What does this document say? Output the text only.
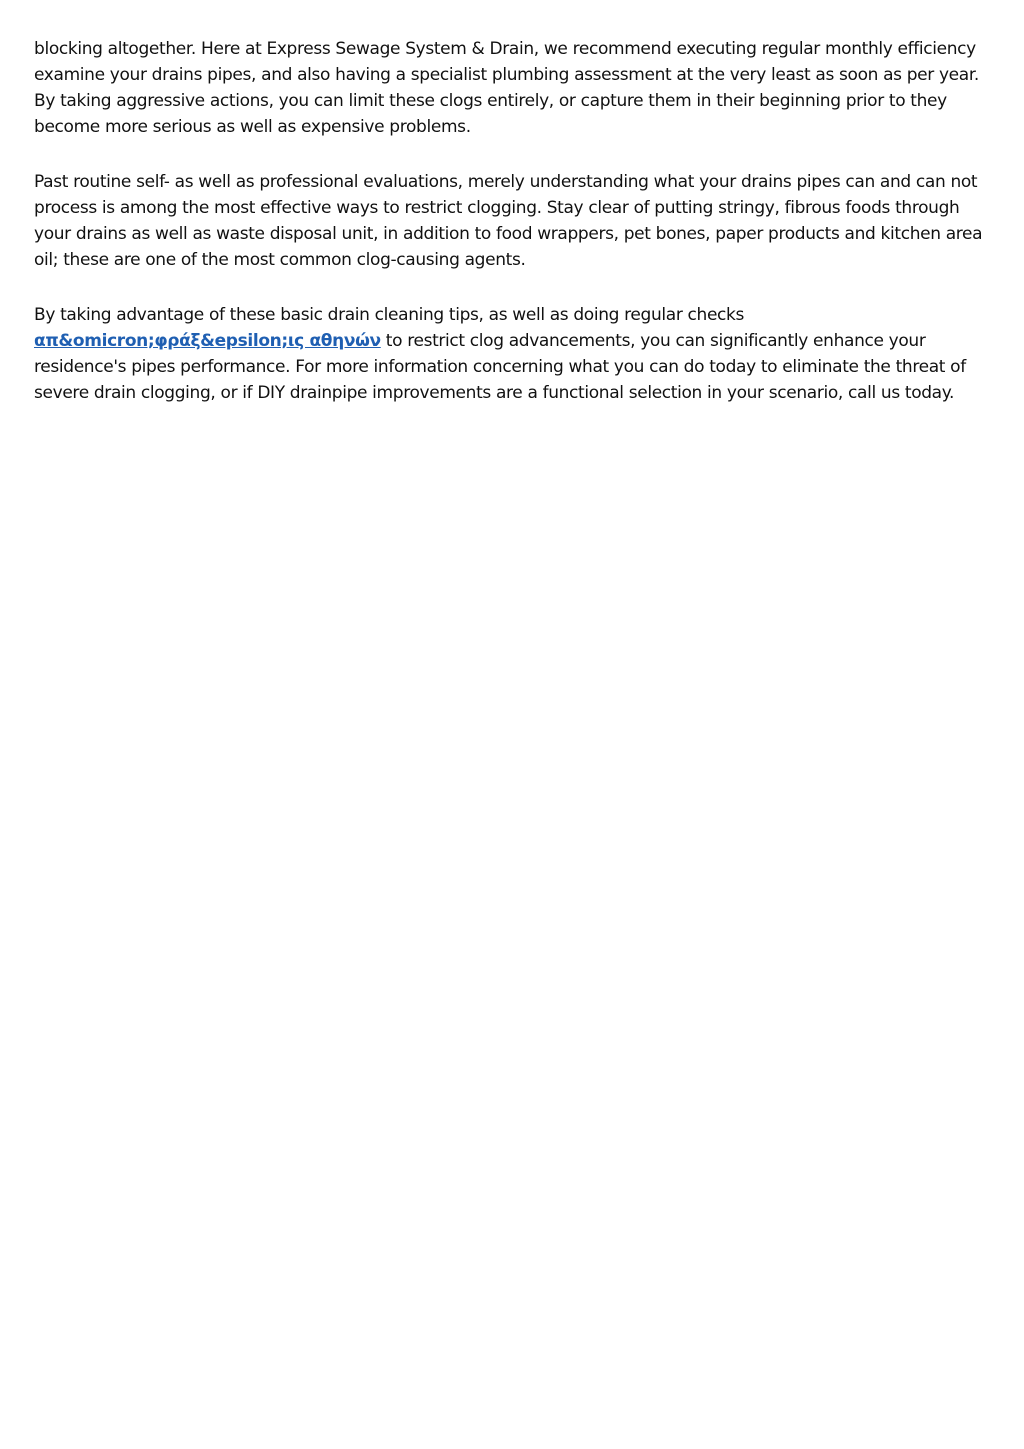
blocking altogether. Here at Express Sewage System & Drain, we recommend executing regular monthly efficiency examine your drains pipes, and also having a specialist plumbing assessment at the very least as soon as per year. By taking aggressive actions, you can limit these clogs entirely, or capture them in their beginning prior to they become more serious as well as expensive problems.

Past routine self- as well as professional evaluations, merely understanding what your drains pipes can and can not process is among the most effective ways to restrict clogging. Stay clear of putting stringy, fibrous foods through your drains as well as waste disposal unit, in addition to food wrappers, pet bones, paper products and kitchen area oil; these are one of the most common clog-causing agents.

By taking advantage of these basic drain cleaning tips, as well as doing regular checks απ&omicron;φράξ&epsilon;ις αθηνών to restrict clog advancements, you can significantly enhance your residence's pipes performance. For more information concerning what you can do today to eliminate the threat of severe drain clogging, or if DIY drainpipe improvements are a functional selection in your scenario, call us today.
